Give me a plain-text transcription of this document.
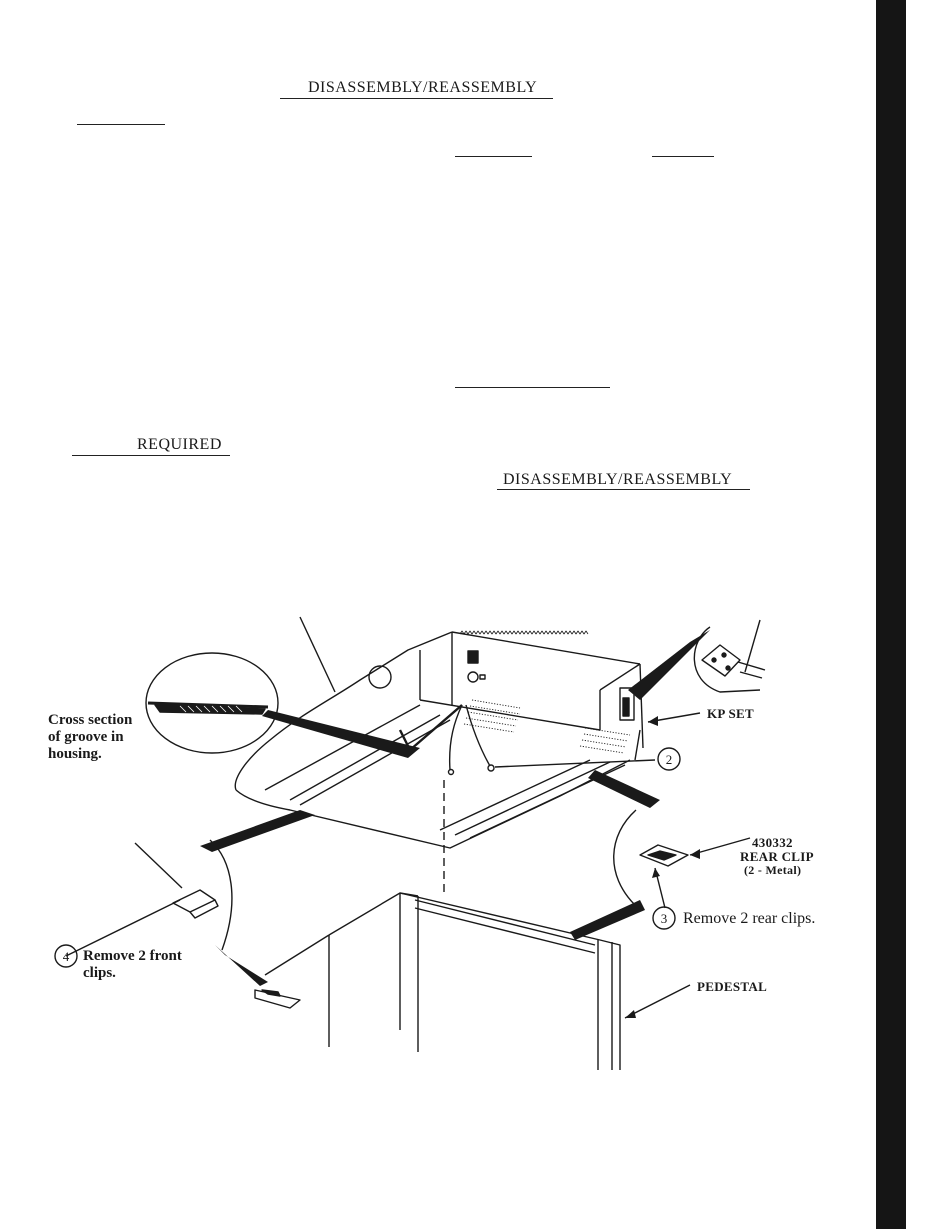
DISASSEMBLY/REASSEMBLY
REQUIRED
DISASSEMBLY/REASSEMBLY
2
3
4
Cross section
of groove in
housing.
KP SET
430332
REAR CLIP
(2 - Metal)
Remove 2 rear clips.
Remove 2 front
clips.
PEDESTAL
